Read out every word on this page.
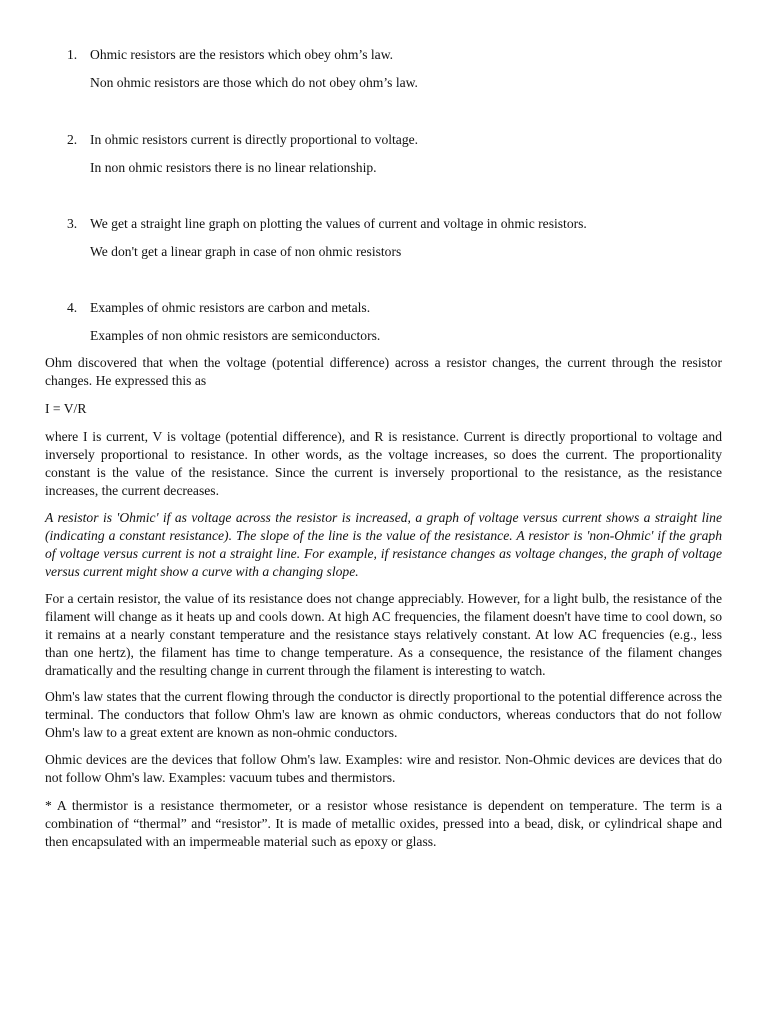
1. Ohmic resistors are the resistors which obey ohm’s law.
Non ohmic resistors are those which do not obey ohm’s law.
2. In ohmic resistors current is directly proportional to voltage.
In non ohmic resistors there is no linear relationship.
3. We get a straight line graph on plotting the values of current and voltage in ohmic resistors.
We don't get a linear graph in case of non ohmic resistors
4. Examples of ohmic resistors are carbon and metals.
Examples of non ohmic resistors are semiconductors.

Ohm discovered that when the voltage (potential difference) across a resistor changes, the current through the resistor changes. He expressed this as

I = V/R

where I is current, V is voltage (potential difference), and R is resistance. Current is directly proportional to voltage and inversely proportional to resistance. In other words, as the voltage increases, so does the current. The proportionality constant is the value of the resistance. Since the current is inversely proportional to the resistance, as the resistance increases, the current decreases.

A resistor is 'Ohmic' if as voltage across the resistor is increased, a graph of voltage versus current shows a straight line (indicating a constant resistance). The slope of the line is the value of the resistance. A resistor is 'non-Ohmic' if the graph of voltage versus current is not a straight line. For example, if resistance changes as voltage changes, the graph of voltage versus current might show a curve with a changing slope.

For a certain resistor, the value of its resistance does not change appreciably. However, for a light bulb, the resistance of the filament will change as it heats up and cools down. At high AC frequencies, the filament doesn't have time to cool down, so it remains at a nearly constant temperature and the resistance stays relatively constant. At low AC frequencies (e.g., less than one hertz), the filament has time to change temperature. As a consequence, the resistance of the filament changes dramatically and the resulting change in current through the filament is interesting to watch.

Ohm's law states that the current flowing through the conductor is directly proportional to the potential difference across the terminal. The conductors that follow Ohm's law are known as ohmic conductors, whereas conductors that do not follow Ohm's law to a great extent are known as non-ohmic conductors.

Ohmic devices are the devices that follow Ohm's law. Examples: wire and resistor. Non-Ohmic devices are devices that do not follow Ohm's law. Examples: vacuum tubes and thermistors.

* A thermistor is a resistance thermometer, or a resistor whose resistance is dependent on temperature. The term is a combination of “thermal” and “resistor”. It is made of metallic oxides, pressed into a bead, disk, or cylindrical shape and then encapsulated with an impermeable material such as epoxy or glass.
